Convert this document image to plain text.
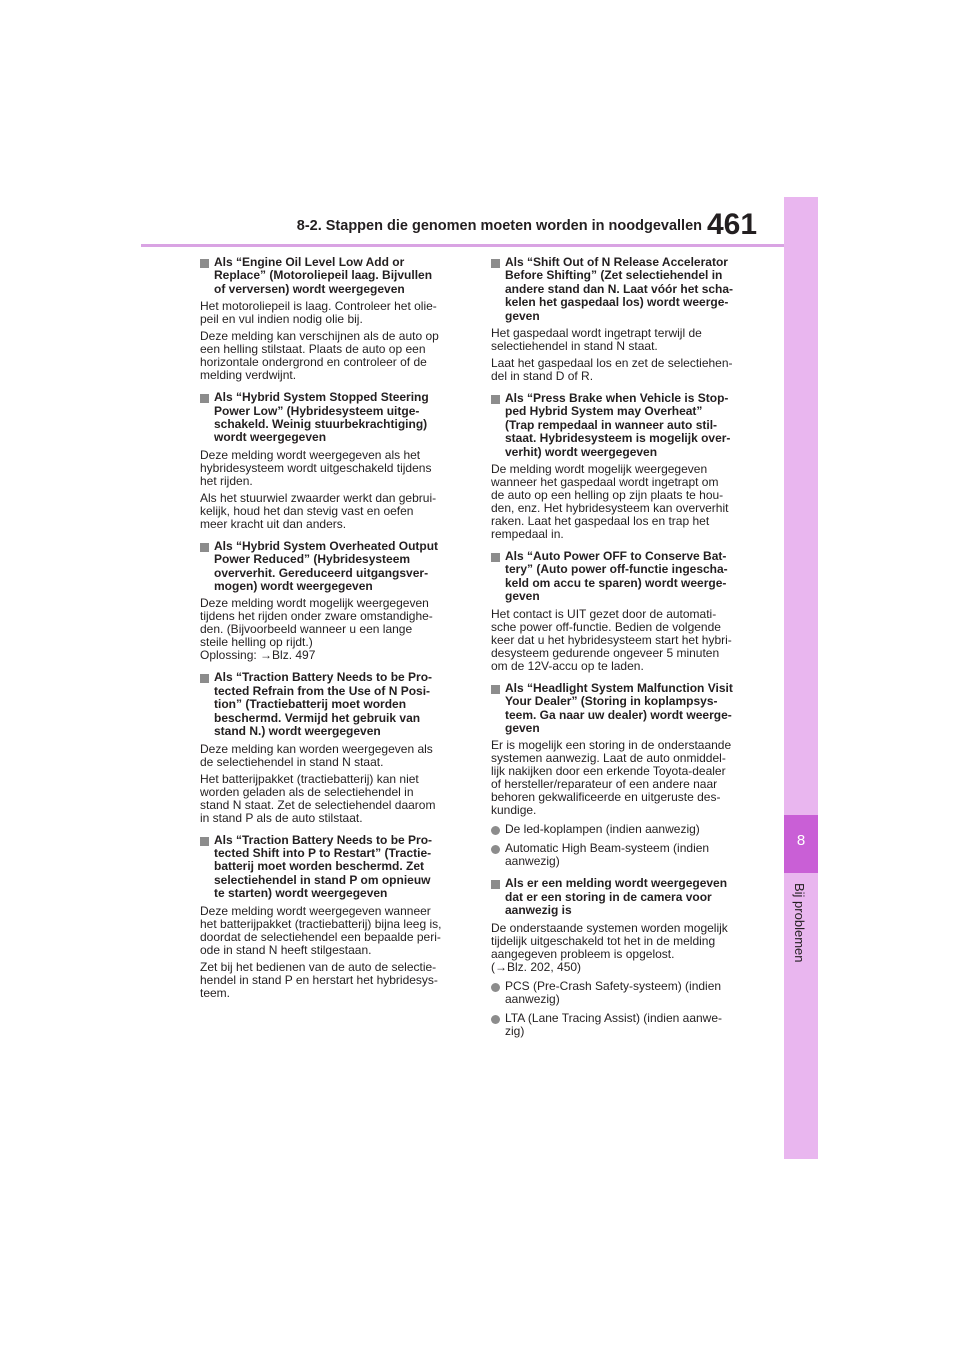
8-2. Stappen die genomen moeten worden in noodgevallen 461
8
Bij problemen
Als “Engine Oil Level Low Add or
Replace” (Motoroliepeil laag. Bijvullen
of verversen) wordt weergegeven

Het motoroliepeil is laag. Controleer het olie-
peil en vul indien nodig olie bij.

Deze melding kan verschijnen als de auto op
een helling stilstaat. Plaats de auto op een
horizontale ondergrond en controleer of de
melding verdwijnt.

Als “Hybrid System Stopped Steering
Power Low” (Hybridesysteem uitge-
schakeld. Weinig stuurbekrachtiging)
wordt weergegeven

Deze melding wordt weergegeven als het
hybridesysteem wordt uitgeschakeld tijdens
het rijden.

Als het stuurwiel zwaarder werkt dan gebrui-
kelijk, houd het dan stevig vast en oefen
meer kracht uit dan anders.

Als “Hybrid System Overheated Output
Power Reduced” (Hybridesysteem
oververhit. Gereduceerd uitgangsver-
mogen) wordt weergegeven

Deze melding wordt mogelijk weergegeven
tijdens het rijden onder zware omstandighe-
den. (Bijvoorbeeld wanneer u een lange
steile helling op rijdt.)
Oplossing: →Blz. 497

Als “Traction Battery Needs to be Pro-
tected Refrain from the Use of N Posi-
tion” (Tractiebatterij moet worden
beschermd. Vermijd het gebruik van
stand N.) wordt weergegeven

Deze melding kan worden weergegeven als
de selectiehendel in stand N staat.

Het batterijpakket (tractiebatterij) kan niet
worden geladen als de selectiehendel in
stand N staat. Zet de selectiehendel daarom
in stand P als de auto stilstaat.

Als “Traction Battery Needs to be Pro-
tected Shift into P to Restart” (Tractie-
batterij moet worden beschermd. Zet
selectiehendel in stand P om opnieuw
te starten) wordt weergegeven

Deze melding wordt weergegeven wanneer
het batterijpakket (tractiebatterij) bijna leeg is,
doordat de selectiehendel een bepaalde peri-
ode in stand N heeft stilgestaan.

Zet bij het bedienen van de auto de selectie-
hendel in stand P en herstart het hybridesys-
teem.

Als “Shift Out of N Release Accelerator
Before Shifting” (Zet selectiehendel in
andere stand dan N. Laat vóór het scha-
kelen het gaspedaal los) wordt weerge-
geven

Het gaspedaal wordt ingetrapt terwijl de
selectiehendel in stand N staat.

Laat het gaspedaal los en zet de selectiehen-
del in stand D of R.

Als “Press Brake when Vehicle is Stop-
ped Hybrid System may Overheat”
(Trap rempedaal in wanneer auto stil-
staat. Hybridesysteem is mogelijk over-
verhit) wordt weergegeven

De melding wordt mogelijk weergegeven
wanneer het gaspedaal wordt ingetrapt om
de auto op een helling op zijn plaats te hou-
den, enz. Het hybridesysteem kan oververhit
raken. Laat het gaspedaal los en trap het
rempedaal in.

Als “Auto Power OFF to Conserve Bat-
tery” (Auto power off-functie ingescha-
keld om accu te sparen) wordt weerge-
geven

Het contact is UIT gezet door de automati-
sche power off-functie. Bedien de volgende
keer dat u het hybridesysteem start het hybri-
desysteem gedurende ongeveer 5 minuten
om de 12V-accu op te laden.

Als “Headlight System Malfunction Visit
Your Dealer” (Storing in koplampsys-
teem. Ga naar uw dealer) wordt weerge-
geven

Er is mogelijk een storing in de onderstaande
systemen aanwezig. Laat de auto onmiddel-
lijk nakijken door een erkende Toyota-dealer
of hersteller/reparateur of een andere naar
behoren gekwalificeerde en uitgeruste des-
kundige.

De led-koplampen (indien aanwezig)
Automatic High Beam-systeem (indien
aanwezig)
Als er een melding wordt weergegeven
dat er een storing in de camera voor
aanwezig is

De onderstaande systemen worden mogelijk
tijdelijk uitgeschakeld tot het in de melding
aangegeven probleem is opgelost.
(→Blz. 202, 450)

PCS (Pre-Crash Safety-systeem) (indien
aanwezig)
LTA (Lane Tracing Assist) (indien aanwe-
zig)
